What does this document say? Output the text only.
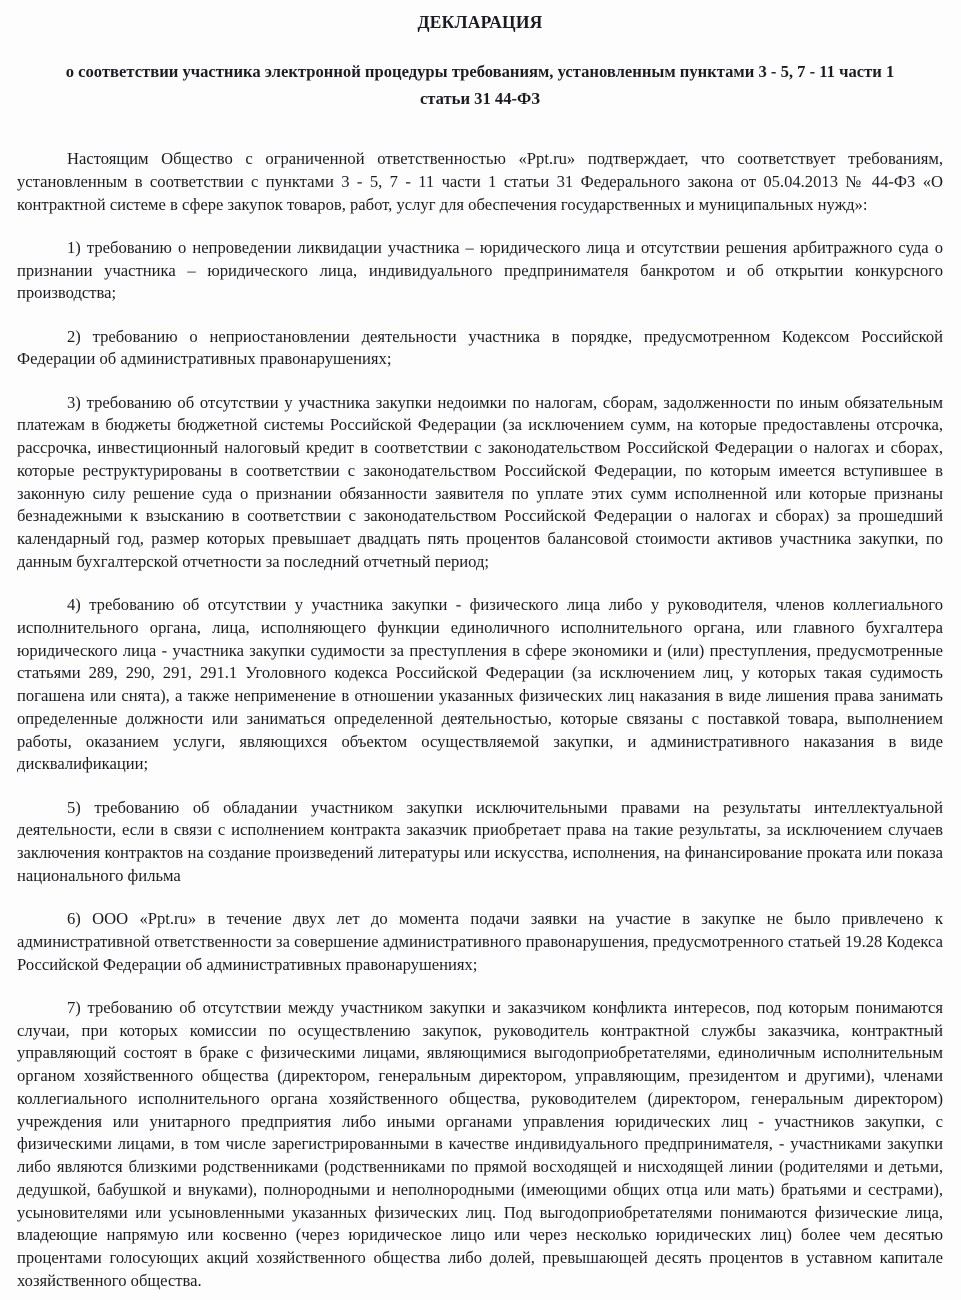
ДЕКЛАРАЦИЯ
о соответствии участника электронной процедуры требованиям, установленным пунктами 3 - 5, 7 - 11 части 1
статьи 31 44-ФЗ

Настоящим Общество с ограниченной ответственностью «Ppt.ru» подтверждает, что соответствует требованиям, установленным в соответствии с пунктами 3 - 5, 7 - 11 части 1 статьи 31 Федерального закона от 05.04.2013 № 44-ФЗ «О контрактной системе в сфере закупок товаров, работ, услуг для обеспечения государственных и муниципальных нужд»:

1) требованию о непроведении ликвидации участника – юридического лица и отсутствии решения арбитражного суда о признании участника – юридического лица, индивидуального предпринимателя банкротом и об открытии конкурсного производства;

2) требованию о неприостановлении деятельности участника в порядке, предусмотренном Кодексом Российской Федерации об административных правонарушениях;

3) требованию об отсутствии у участника закупки недоимки по налогам, сборам, задолженности по иным обязательным платежам в бюджеты бюджетной системы Российской Федерации (за исключением сумм, на которые предоставлены отсрочка, рассрочка, инвестиционный налоговый кредит в соответствии с законодательством Российской Федерации о налогах и сборах, которые реструктурированы в соответствии с законодательством Российской Федерации, по которым имеется вступившее в законную силу решение суда о признании обязанности заявителя по уплате этих сумм исполненной или которые признаны безнадежными к взысканию в соответствии с законодательством Российской Федерации о налогах и сборах) за прошедший календарный год, размер которых превышает двадцать пять процентов балансовой стоимости активов участника закупки, по данным бухгалтерской отчетности за последний отчетный период;

4) требованию об отсутствии у участника закупки - физического лица либо у руководителя, членов коллегиального исполнительного органа, лица, исполняющего функции единоличного исполнительного органа, или главного бухгалтера юридического лица - участника закупки судимости за преступления в сфере экономики и (или) преступления, предусмотренные статьями 289, 290, 291, 291.1 Уголовного кодекса Российской Федерации (за исключением лиц, у которых такая судимость погашена или снята), а также неприменение в отношении указанных физических лиц наказания в виде лишения права занимать определенные должности или заниматься определенной деятельностью, которые связаны с поставкой товара, выполнением работы, оказанием услуги, являющихся объектом осуществляемой закупки, и административного наказания в виде дисквалификации;

5) требованию об обладании участником закупки исключительными правами на результаты интеллектуальной деятельности, если в связи с исполнением контракта заказчик приобретает права на такие результаты, за исключением случаев заключения контрактов на создание произведений литературы или искусства, исполнения, на финансирование проката или показа национального фильма

6) ООО «Ppt.ru» в течение двух лет до момента подачи заявки на участие в закупке не было привлечено к административной ответственности за совершение административного правонарушения, предусмотренного статьей 19.28 Кодекса Российской Федерации об административных правонарушениях;

7) требованию об отсутствии между участником закупки и заказчиком конфликта интересов, под которым понимаются случаи, при которых комиссии по осуществлению закупок, руководитель контрактной службы заказчика, контрактный управляющий состоят в браке с физическими лицами, являющимися выгодоприобретателями, единоличным исполнительным органом хозяйственного общества (директором, генеральным директором, управляющим, президентом и другими), членами коллегиального исполнительного органа хозяйственного общества, руководителем (директором, генеральным директором) учреждения или унитарного предприятия либо иными органами управления юридических лиц - участников закупки, с физическими лицами, в том числе зарегистрированными в качестве индивидуального предпринимателя, - участниками закупки либо являются близкими родственниками (родственниками по прямой восходящей и нисходящей линии (родителями и детьми, дедушкой, бабушкой и внуками), полнородными и неполнородными (имеющими общих отца или мать) братьями и сестрами), усыновителями или усыновленными указанных физических лиц. Под выгодоприобретателями понимаются физические лица, владеющие напрямую или косвенно (через юридическое лицо или через несколько юридических лиц) более чем десятью процентами голосующих акций хозяйственного общества либо долей, превышающей десять процентов в уставном капитале хозяйственного общества.
